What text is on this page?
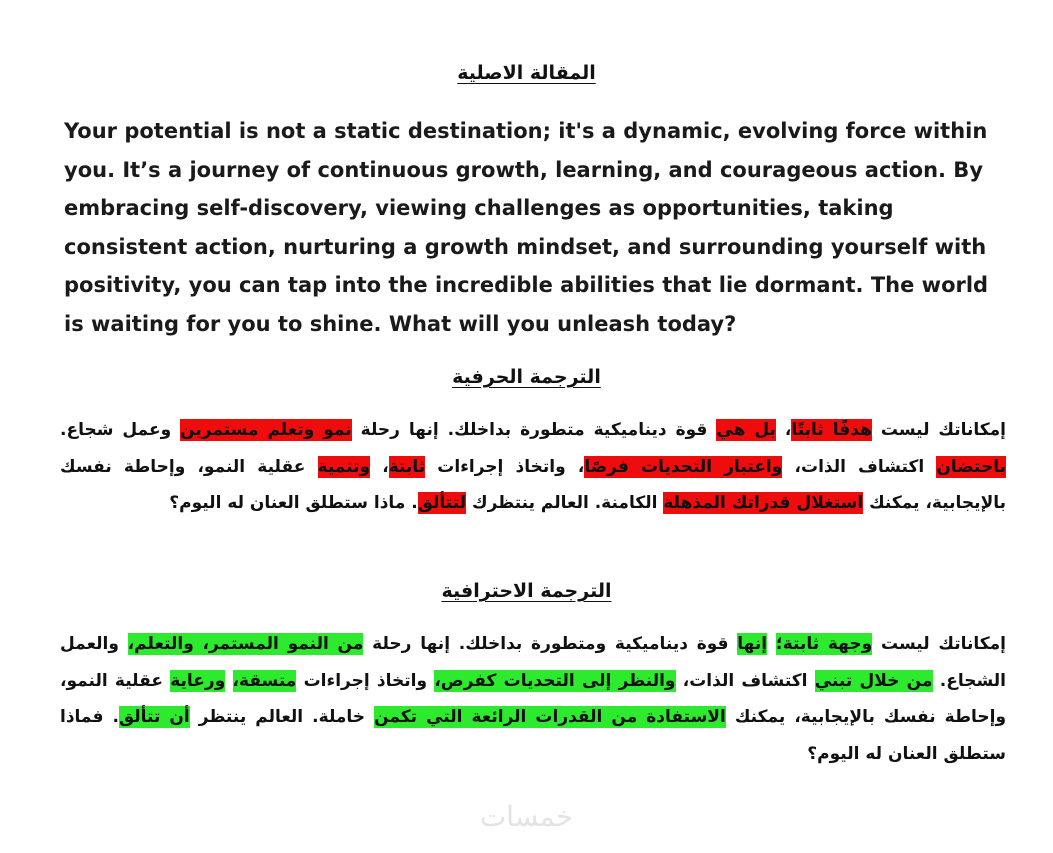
المقالة الاصلية

Your potential is not a static destination; it's a dynamic, evolving force within you. It’s a journey of continuous growth, learning, and courageous action. By embracing self-discovery, viewing challenges as opportunities, taking consistent action, nurturing a growth mindset, and surrounding yourself with positivity, you can tap into the incredible abilities that lie dormant. The world is waiting for you to shine. What will you unleash today?

الترجمة الحرفية

إمكاناتك ليست هدفًا ثابتًا، بل هي قوة ديناميكية متطورة بداخلك. إنها رحلة نمو وتعلم مستمرين وعمل شجاع. باحتضان اكتشاف الذات، واعتبار التحديات فرصًا، واتخاذ إجراءات ثابتة، وتنمية عقلية النمو، وإحاطة نفسك بالإيجابية، يمكنك استغلال قدراتك المذهلة الكامنة. العالم ينتظرك لتتألق. ماذا ستطلق العنان له اليوم؟

الترجمة الاحترافية

إمكاناتك ليست وجهة ثابتة؛ إنها قوة ديناميكية ومتطورة بداخلك. إنها رحلة من النمو المستمر، والتعلم، والعمل الشجاع. من خلال تبني اكتشاف الذات، والنظر إلى التحديات كفرص، واتخاذ إجراءات متسقة، ورعاية عقلية النمو، وإحاطة نفسك بالإيجابية، يمكنك الاستفادة من القدرات الرائعة التي تكمن خاملة. العالم ينتظر أن تتألق. فماذا ستطلق العنان له اليوم؟

خمسات
